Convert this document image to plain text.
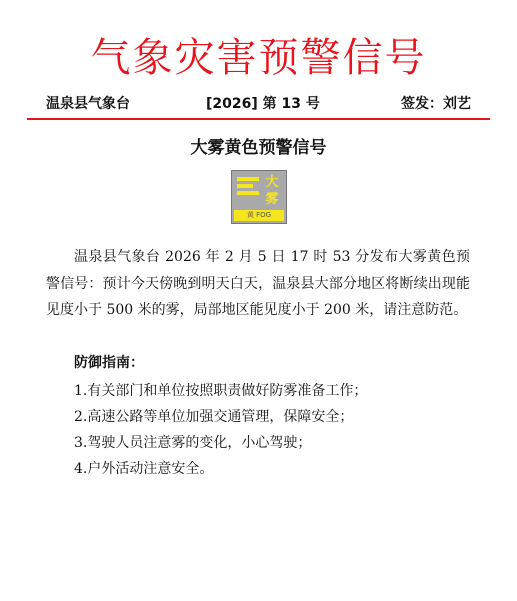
气象灾害预警信号
温泉县气象台	[2026] 第 13 号	签发：刘艺
大雾黄色预警信号
大
雾
黄 FOG

温泉县气象台 2026 年 2 月 5 日 17 时 53 分发布大雾黄色预警信号：预计今天傍晚到明天白天，温泉县大部分地区将断续出现能见度小于 500 米的雾，局部地区能见度小于 200 米，请注意防范。

防御指南：
1.有关部门和单位按照职责做好防雾准备工作；
2.高速公路等单位加强交通管理，保障安全；
3.驾驶人员注意雾的变化，小心驾驶；
4.户外活动注意安全。
